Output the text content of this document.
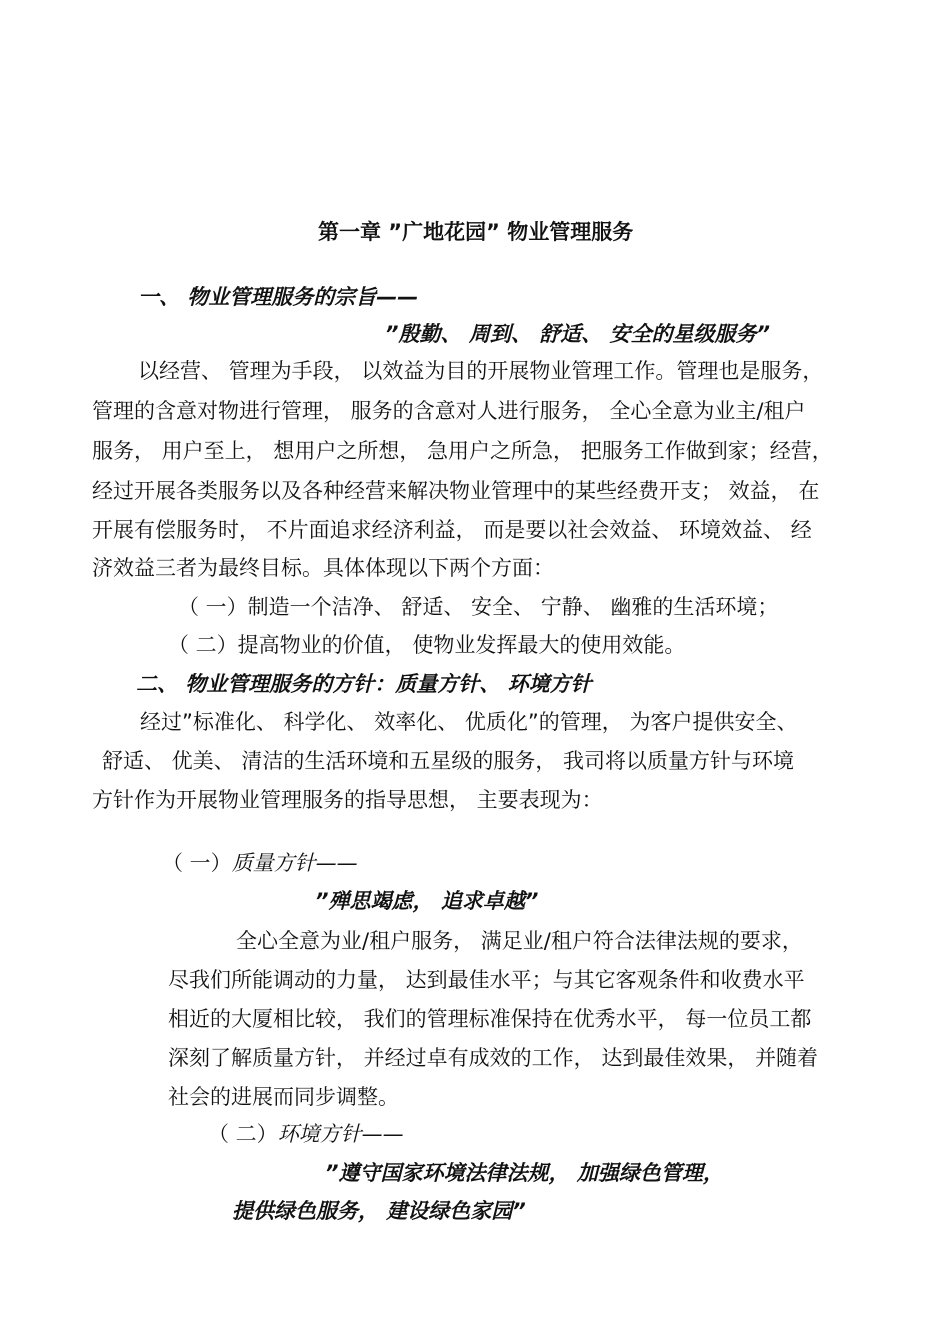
第一章 ”广地花园” 物业管理服务
一、 物业管理服务的宗旨——
”殷勤、 周到、 舒适、 安全的星级服务”
以经营、 管理为手段， 以效益为目的开展物业管理工作。管理也是服务，
管理的含意对物进行管理， 服务的含意对人进行服务， 全心全意为业主/租户
服务， 用户至上， 想用户之所想， 急用户之所急， 把服务工作做到家；经营，
经过开展各类服务以及各种经营来解决物业管理中的某些经费开支； 效益， 在
开展有偿服务时， 不片面追求经济利益， 而是要以社会效益、 环境效益、 经
济效益三者为最终目标。具体体现以下两个方面：
（ 一）制造一个洁净、 舒适、 安全、 宁静、 幽雅的生活环境；
（ 二）提高物业的价值， 使物业发挥最大的使用效能。
二、 物业管理服务的方针：质量方针、 环境方针
经过”标准化、 科学化、 效率化、 优质化”的管理， 为客户提供安全、
舒适、 优美、 清洁的生活环境和五星级的服务， 我司将以质量方针与环境
方针作为开展物业管理服务的指导思想， 主要表现为：
（ 一）质量方针——
”殚思竭虑， 追求卓越”
全心全意为业/租户服务， 满足业/租户符合法律法规的要求，
尽我们所能调动的力量， 达到最佳水平；与其它客观条件和收费水平
相近的大厦相比较， 我们的管理标准保持在优秀水平， 每一位员工都
深刻了解质量方针， 并经过卓有成效的工作， 达到最佳效果， 并随着
社会的进展而同步调整。
（ 二）环境方针——
”遵守国家环境法律法规， 加强绿色管理，
提供绿色服务， 建设绿色家园”
